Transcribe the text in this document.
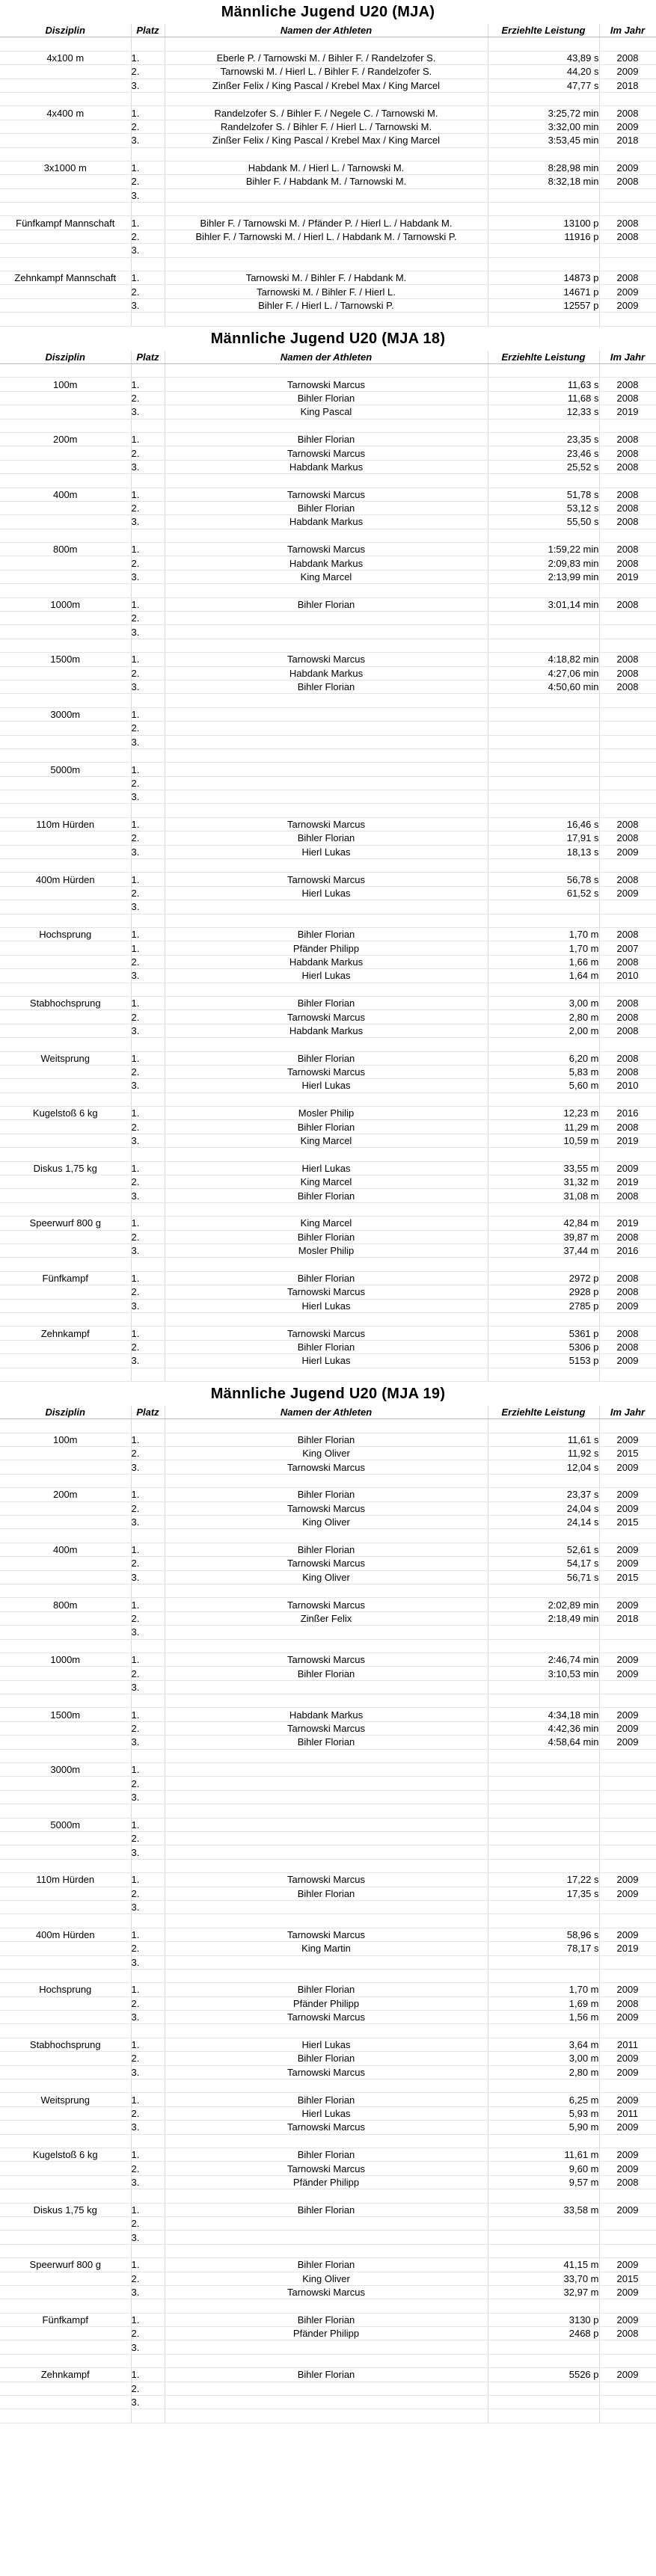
Männliche Jugend U20 (MJA)
Disziplin	Platz	Namen der Athleten	Erziehlte Leistung	Im Jahr

4x100 m	1.	Eberle P. / Tarnowski M. / Bihler F. / Randelzofer S.	43,89 s	2008
	2.	Tarnowski M. / Hierl L. / Bihler F. / Randelzofer S.	44,20 s	2009
	3.	Zinßer Felix / King Pascal / Krebel Max / King Marcel	47,77 s	2018

4x400 m	1.	Randelzofer S. / Bihler F. / Negele C. / Tarnowski M.	3:25,72 min	2008
	2.	Randelzofer S. / Bihler F. / Hierl L. / Tarnowski M.	3:32,00 min	2009
	3.	Zinßer Felix / King Pascal / Krebel Max / King Marcel	3:53,45 min	2018

3x1000 m	1.	Habdank M. / Hierl L. / Tarnowski M.	8:28,98 min	2009
	2.	Bihler F. / Habdank M. / Tarnowski M.	8:32,18 min	2008
	3.			

Fünfkampf Mannschaft	1.	Bihler F. / Tarnowski M. / Pfänder P. / Hierl L. / Habdank M.	13100 p	2008
	2.	Bihler F. / Tarnowski M. / Hierl L. / Habdank M. / Tarnowski P.	11916 p	2008
	3.			

Zehnkampf Mannschaft	1.	Tarnowski M. / Bihler F. / Habdank M.	14873 p	2008
	2.	Tarnowski M. / Bihler F. / Hierl L.	14671 p	2009
	3.	Bihler F. / Hierl L. / Tarnowski P.	12557 p	2009

Männliche Jugend U20 (MJA 18)
Disziplin	Platz	Namen der Athleten	Erziehlte Leistung	Im Jahr

100m	1.	Tarnowski Marcus	11,63 s	2008
	2.	Bihler Florian	11,68 s	2008
	3.	King Pascal	12,33 s	2019

200m	1.	Bihler Florian	23,35 s	2008
	2.	Tarnowski Marcus	23,46 s	2008
	3.	Habdank Markus	25,52 s	2008

400m	1.	Tarnowski Marcus	51,78 s	2008
	2.	Bihler Florian	53,12 s	2008
	3.	Habdank Markus	55,50 s	2008

800m	1.	Tarnowski Marcus	1:59,22 min	2008
	2.	Habdank Markus	2:09,83 min	2008
	3.	King Marcel	2:13,99 min	2019

1000m	1.	Bihler Florian	3:01,14 min	2008
	2.			
	3.			

1500m	1.	Tarnowski Marcus	4:18,82 min	2008
	2.	Habdank Markus	4:27,06 min	2008
	3.	Bihler Florian	4:50,60 min	2008

3000m	1.			
	2.			
	3.			

5000m	1.			
	2.			
	3.			

110m Hürden	1.	Tarnowski Marcus	16,46 s	2008
	2.	Bihler Florian	17,91 s	2008
	3.	Hierl Lukas	18,13 s	2009

400m Hürden	1.	Tarnowski Marcus	56,78 s	2008
	2.	Hierl Lukas	61,52 s	2009
	3.			

Hochsprung	1.	Bihler Florian	1,70 m	2008
	1.	Pfänder Philipp	1,70 m	2007
	2.	Habdank Markus	1,66 m	2008
	3.	Hierl Lukas	1,64 m	2010

Stabhochsprung	1.	Bihler Florian	3,00 m	2008
	2.	Tarnowski Marcus	2,80 m	2008
	3.	Habdank Markus	2,00 m	2008

Weitsprung	1.	Bihler Florian	6,20 m	2008
	2.	Tarnowski Marcus	5,83 m	2008
	3.	Hierl Lukas	5,60 m	2010

Kugelstoß 6 kg	1.	Mosler Philip	12,23 m	2016
	2.	Bihler Florian	11,29 m	2008
	3.	King Marcel	10,59 m	2019

Diskus 1,75 kg	1.	Hierl Lukas	33,55 m	2009
	2.	King Marcel	31,32 m	2019
	3.	Bihler Florian	31,08 m	2008

Speerwurf 800 g	1.	King Marcel	42,84 m	2019
	2.	Bihler Florian	39,87 m	2008
	3.	Mosler Philip	37,44 m	2016

Fünfkampf	1.	Bihler Florian	2972 p	2008
	2.	Tarnowski Marcus	2928 p	2008
	3.	Hierl Lukas	2785 p	2009

Zehnkampf	1.	Tarnowski Marcus	5361 p	2008
	2.	Bihler Florian	5306 p	2008
	3.	Hierl Lukas	5153 p	2009

Männliche Jugend U20 (MJA 19)
Disziplin	Platz	Namen der Athleten	Erziehlte Leistung	Im Jahr

100m	1.	Bihler Florian	11,61 s	2009
	2.	King Oliver	11,92 s	2015
	3.	Tarnowski Marcus	12,04 s	2009

200m	1.	Bihler Florian	23,37 s	2009
	2.	Tarnowski Marcus	24,04 s	2009
	3.	King Oliver	24,14 s	2015

400m	1.	Bihler Florian	52,61 s	2009
	2.	Tarnowski Marcus	54,17 s	2009
	3.	King Oliver	56,71 s	2015

800m	1.	Tarnowski Marcus	2:02,89 min	2009
	2.	Zinßer Felix	2:18,49 min	2018
	3.			

1000m	1.	Tarnowski Marcus	2:46,74 min	2009
	2.	Bihler Florian	3:10,53 min	2009
	3.			

1500m	1.	Habdank Markus	4:34,18 min	2009
	2.	Tarnowski Marcus	4:42,36 min	2009
	3.	Bihler Florian	4:58,64 min	2009

3000m	1.			
	2.			
	3.			

5000m	1.			
	2.			
	3.			

110m Hürden	1.	Tarnowski Marcus	17,22 s	2009
	2.	Bihler Florian	17,35 s	2009
	3.			

400m Hürden	1.	Tarnowski Marcus	58,96 s	2009
	2.	King Martin	78,17 s	2019
	3.			

Hochsprung	1.	Bihler Florian	1,70 m	2009
	2.	Pfänder Philipp	1,69 m	2008
	3.	Tarnowski Marcus	1,56 m	2009

Stabhochsprung	1.	Hierl Lukas	3,64 m	2011
	2.	Bihler Florian	3,00 m	2009
	3.	Tarnowski Marcus	2,80 m	2009

Weitsprung	1.	Bihler Florian	6,25 m	2009
	2.	Hierl Lukas	5,93 m	2011
	3.	Tarnowski Marcus	5,90 m	2009

Kugelstoß 6 kg	1.	Bihler Florian	11,61 m	2009
	2.	Tarnowski Marcus	9,60 m	2009
	3.	Pfänder Philipp	9,57 m	2008

Diskus 1,75 kg	1.	Bihler Florian	33,58 m	2009
	2.			
	3.			

Speerwurf 800 g	1.	Bihler Florian	41,15 m	2009
	2.	King Oliver	33,70 m	2015
	3.	Tarnowski Marcus	32,97 m	2009

Fünfkampf	1.	Bihler Florian	3130 p	2009
	2.	Pfänder Philipp	2468 p	2008
	3.			

Zehnkampf	1.	Bihler Florian	5526 p	2009
	2.			
	3.			
